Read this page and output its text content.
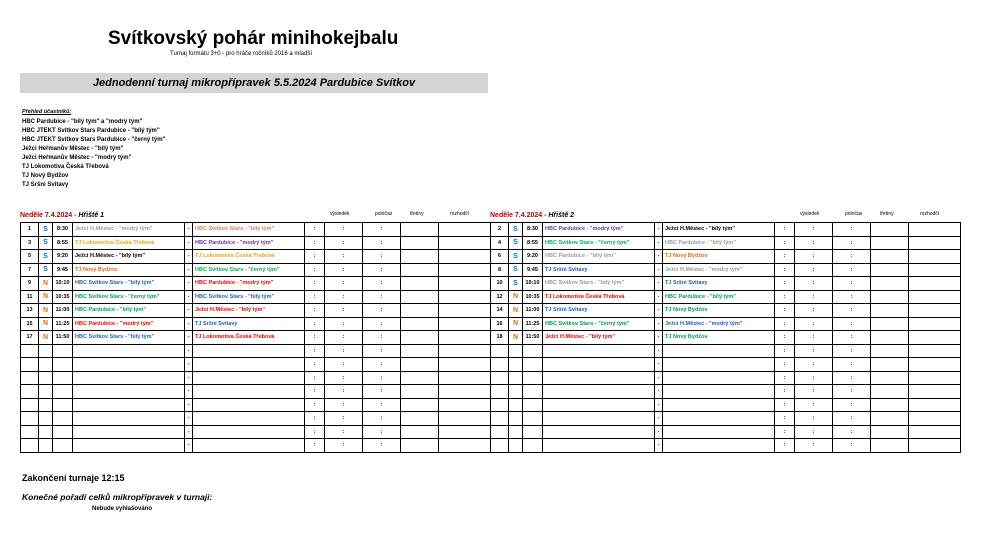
Svítkovský pohár minihokejbalu
Turnaj formátu 3+0 - pro hráče ročníků 2016 a mladší
Jednodenní turnaj mikropřípravek 5.5.2024 Pardubice Svítkov
Přehled účastníků:
HBC Pardubice - "bílý tým" a "modrý tým"
HBC JTEKT Svítkov Stars Pardubice - "bílý tým"
HBC JTEKT Svítkov Stars Pardubice - "černý tým"
Ježci Heřmanův Městec - "bílý tým"
Ježci Heřmanův Městec - "modrý tým"
TJ Lokomotiva Česká Třebová
TJ Nový Bydžov
TJ Sršni Svitavy
Neděle 7.4.2024 - Hřiště 1	výsledek	poločas	třetiny	rozhodčí
1	S	8:30	Ježci H.Městec - "modrý tým"	-	HBC Svítkov Stars - "bílý tým"	:	:	:		
3	S	8:55	TJ Lokomotiva Česká Třebová	-	HBC Pardubice - "modrý tým"	:	:	:		
5	S	9:20	Ježci H.Městec - "bílý tým"	-	TJ Lokomotiva Česká Třebová	:	:	:		
7	S	9:45	TJ Nový Bydžov	-	HBC Svítkov Stars - "černý tým"	:	:	:		
9	N	10:10	HBC Svítkov Stars - "bílý tým"	-	HBC Pardubice - "modrý tým"	:	:	:		
11	N	10:35	HBC Svítkov Stars - "černý tým"	-	HBC Svítkov Stars - "bílý tým"	:	:	:		
13	N	11:00	HBC Pardubice - "bílý tým"	-	Ježci H.Městec - "bílý tým"	:	:	:		
15	N	11:25	HBC Pardubice - "modrý tým"	-	TJ Sršni Svitavy	:	:	:		
17	N	11:50	HBC Svítkov Stars - "bílý tým"	-	TJ Lokomotiva Česká Třebová	:	:	:		
				-		:	:	:		
				-		:	:	:		
				-		:	:	:		
				-		:	:	:		
				-		:	:	:		
				-		:	:	:		
				-		:	:	:		
				-		:	:	:		
Neděle 7.4.2024 - Hřiště 2	výsledek	poločas	třetiny	rozhodčí
2	S	8:30	HBC Pardubice - "modrý tým"	-	Ježci H.Městec - "bílý tým"	:	:	:		
4	S	8:55	HBC Svítkov Stars - "černý tým"	-	HBC Pardubice - "bílý tým"	:	:	:		
6	S	9:20	HBC Pardubice - "bílý tým"	-	TJ Nový Bydžov	:	:	:		
8	S	9:45	TJ Sršni Svitavy	-	Ježci H.Městec - "modrý tým"	:	:	:		
10	S	10:10	HBC Svítkov Stars - "bílý tým"	-	TJ Sršni Svitavy	:	:	:		
12	N	10:35	TJ Lokomotiva Česká Třebová	-	HBC Pardubice - "bílý tým"	:	:	:		
14	N	11:00	TJ Sršni Svitavy	-	TJ Nový Bydžov	:	:	:		
16	N	11:25	HBC Svítkov Stars - "černý tým"	-	Ježci H.Městec - "modrý tým"	:	:	:		
18	N	11:50	Ježci H.Městec - "bílý tým"	-	TJ Nový Bydžov	:	:	:		
				-		:	:	:		
				-		:	:	:		
				-		:	:	:		
				-		:	:	:		
				-		:	:	:		
				-		:	:	:		
				-		:	:	:		
				-		:	:	:		
Zakončení turnaje 12:15
Konečné pořadí celků mikropřípravek v turnaji:
Nebude vyhlašováno
